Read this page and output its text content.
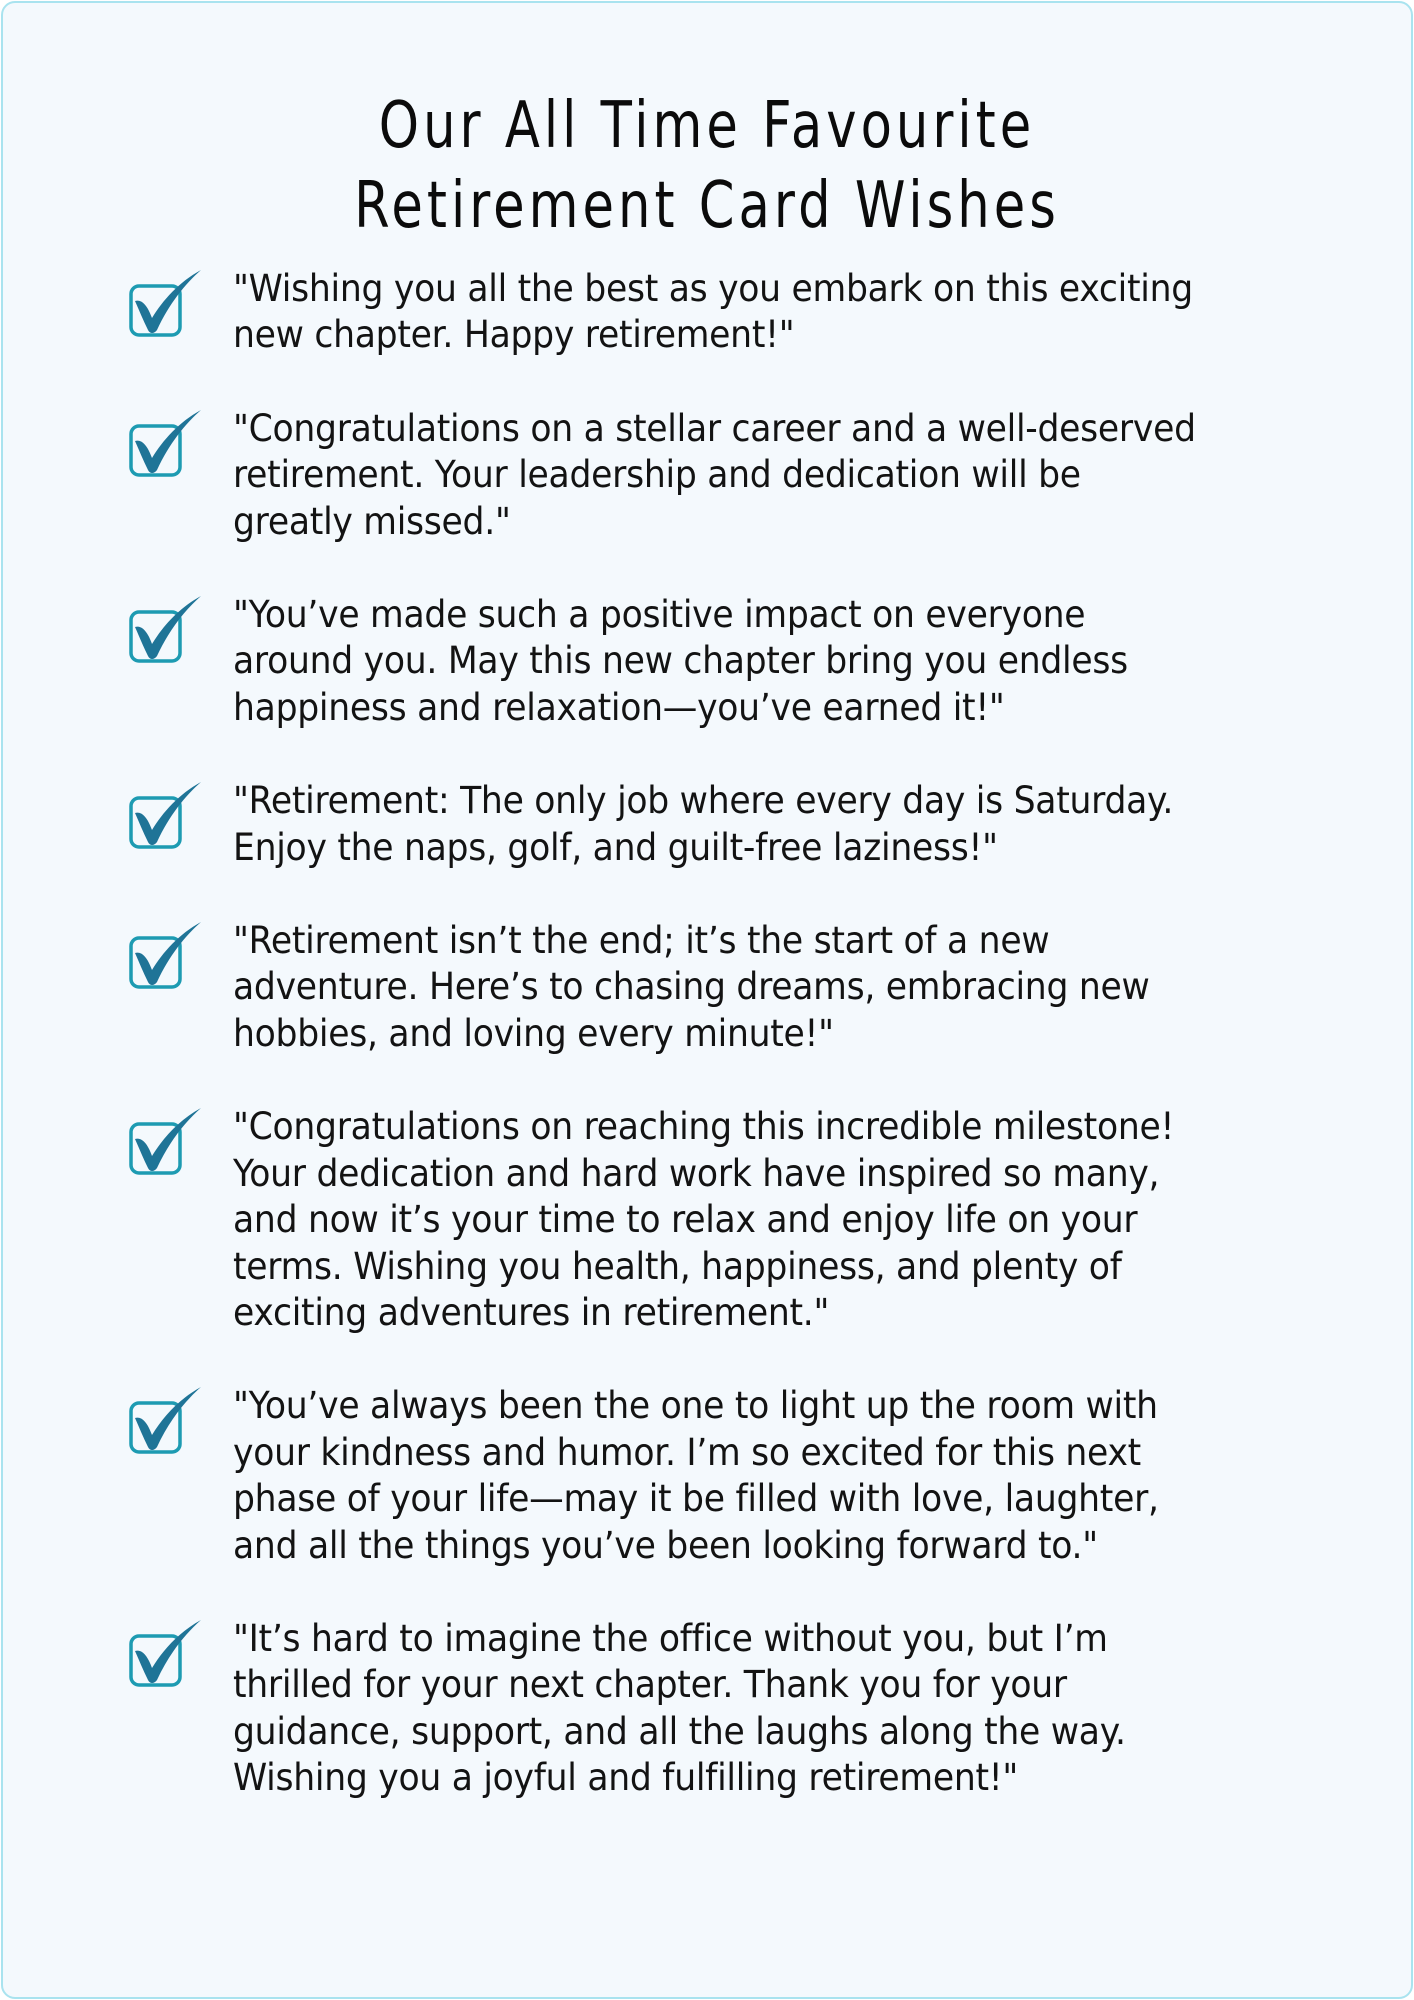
Our All Time Favourite
Retirement Card Wishes
"Wishing you all the best as you embark on this exciting
new chapter. Happy retirement!"
"Congratulations on a stellar career and a well-deserved
retirement. Your leadership and dedication will be
greatly missed."
"You’ve made such a positive impact on everyone
around you. May this new chapter bring you endless
happiness and relaxation—you’ve earned it!"
"Retirement: The only job where every day is Saturday.
Enjoy the naps, golf, and guilt-free laziness!"
"Retirement isn’t the end; it’s the start of a new
adventure. Here’s to chasing dreams, embracing new
hobbies, and loving every minute!"
"Congratulations on reaching this incredible milestone!
Your dedication and hard work have inspired so many,
and now it’s your time to relax and enjoy life on your
terms. Wishing you health, happiness, and plenty of
exciting adventures in retirement."
"You’ve always been the one to light up the room with
your kindness and humor. I’m so excited for this next
phase of your life—may it be filled with love, laughter,
and all the things you’ve been looking forward to."
"It’s hard to imagine the office without you, but I’m
thrilled for your next chapter. Thank you for your
guidance, support, and all the laughs along the way.
Wishing you a joyful and fulfilling retirement!"
